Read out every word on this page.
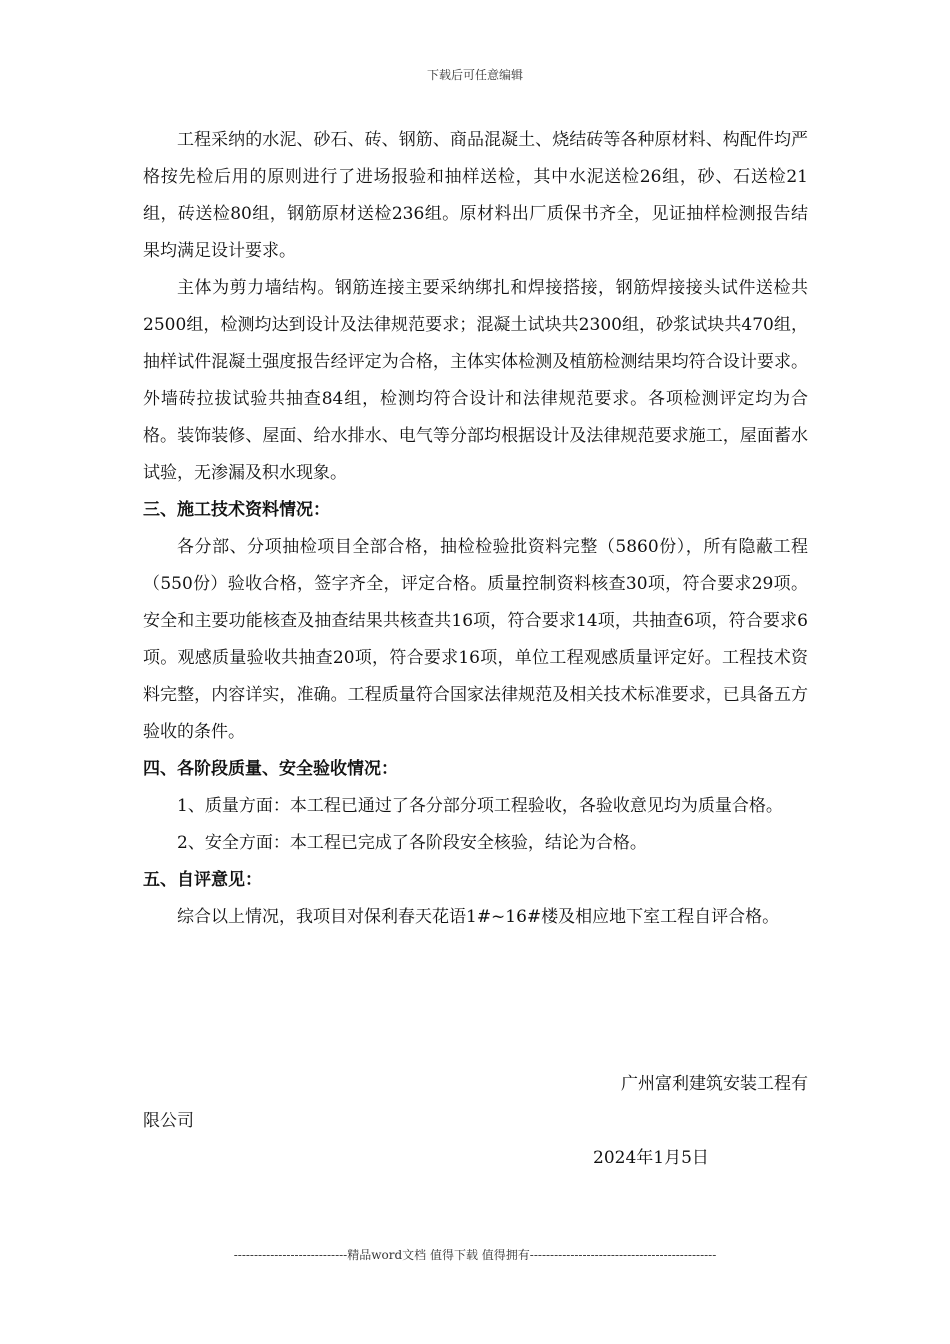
下载后可任意编辑

工程采纳的水泥、砂石、砖、钢筋、商品混凝土、烧结砖等各种原材料、构配件均严格按先检后用的原则进行了进场报验和抽样送检，其中水泥送检26组，砂、石送检21组，砖送检80组，钢筋原材送检236组。原材料出厂质保书齐全，见证抽样检测报告结果均满足设计要求。

主体为剪力墙结构。钢筋连接主要采纳绑扎和焊接搭接，钢筋焊接接头试件送检共2500组，检测均达到设计及法律规范要求；混凝土试块共2300组，砂浆试块共470组，抽样试件混凝土强度报告经评定为合格，主体实体检测及植筋检测结果均符合设计要求。外墙砖拉拔试验共抽查84组，检测均符合设计和法律规范要求。各项检测评定均为合格。装饰装修、屋面、给水排水、电气等分部均根据设计及法律规范要求施工，屋面蓄水试验，无渗漏及积水现象。

三、施工技术资料情况：

各分部、分项抽检项目全部合格，抽检检验批资料完整（5860份），所有隐蔽工程（550份）验收合格，签字齐全，评定合格。质量控制资料核查30项，符合要求29项。安全和主要功能核查及抽查结果共核查共16项，符合要求14项，共抽查6项，符合要求6项。观感质量验收共抽查20项，符合要求16项，单位工程观感质量评定好。工程技术资料完整，内容详实，准确。工程质量符合国家法律规范及相关技术标准要求，已具备五方验收的条件。

四、各阶段质量、安全验收情况：

1、质量方面：本工程已通过了各分部分项工程验收，各验收意见均为质量合格。

2、安全方面：本工程已完成了各阶段安全核验，结论为合格。

五、自评意见：

综合以上情况，我项目对保利春天花语1#~16#楼及相应地下室工程自评合格。

广州富利建筑安装工程有

限公司

2024年1月5日

----------------------------精品word文档 值得下载 值得拥有----------------------------------------------
